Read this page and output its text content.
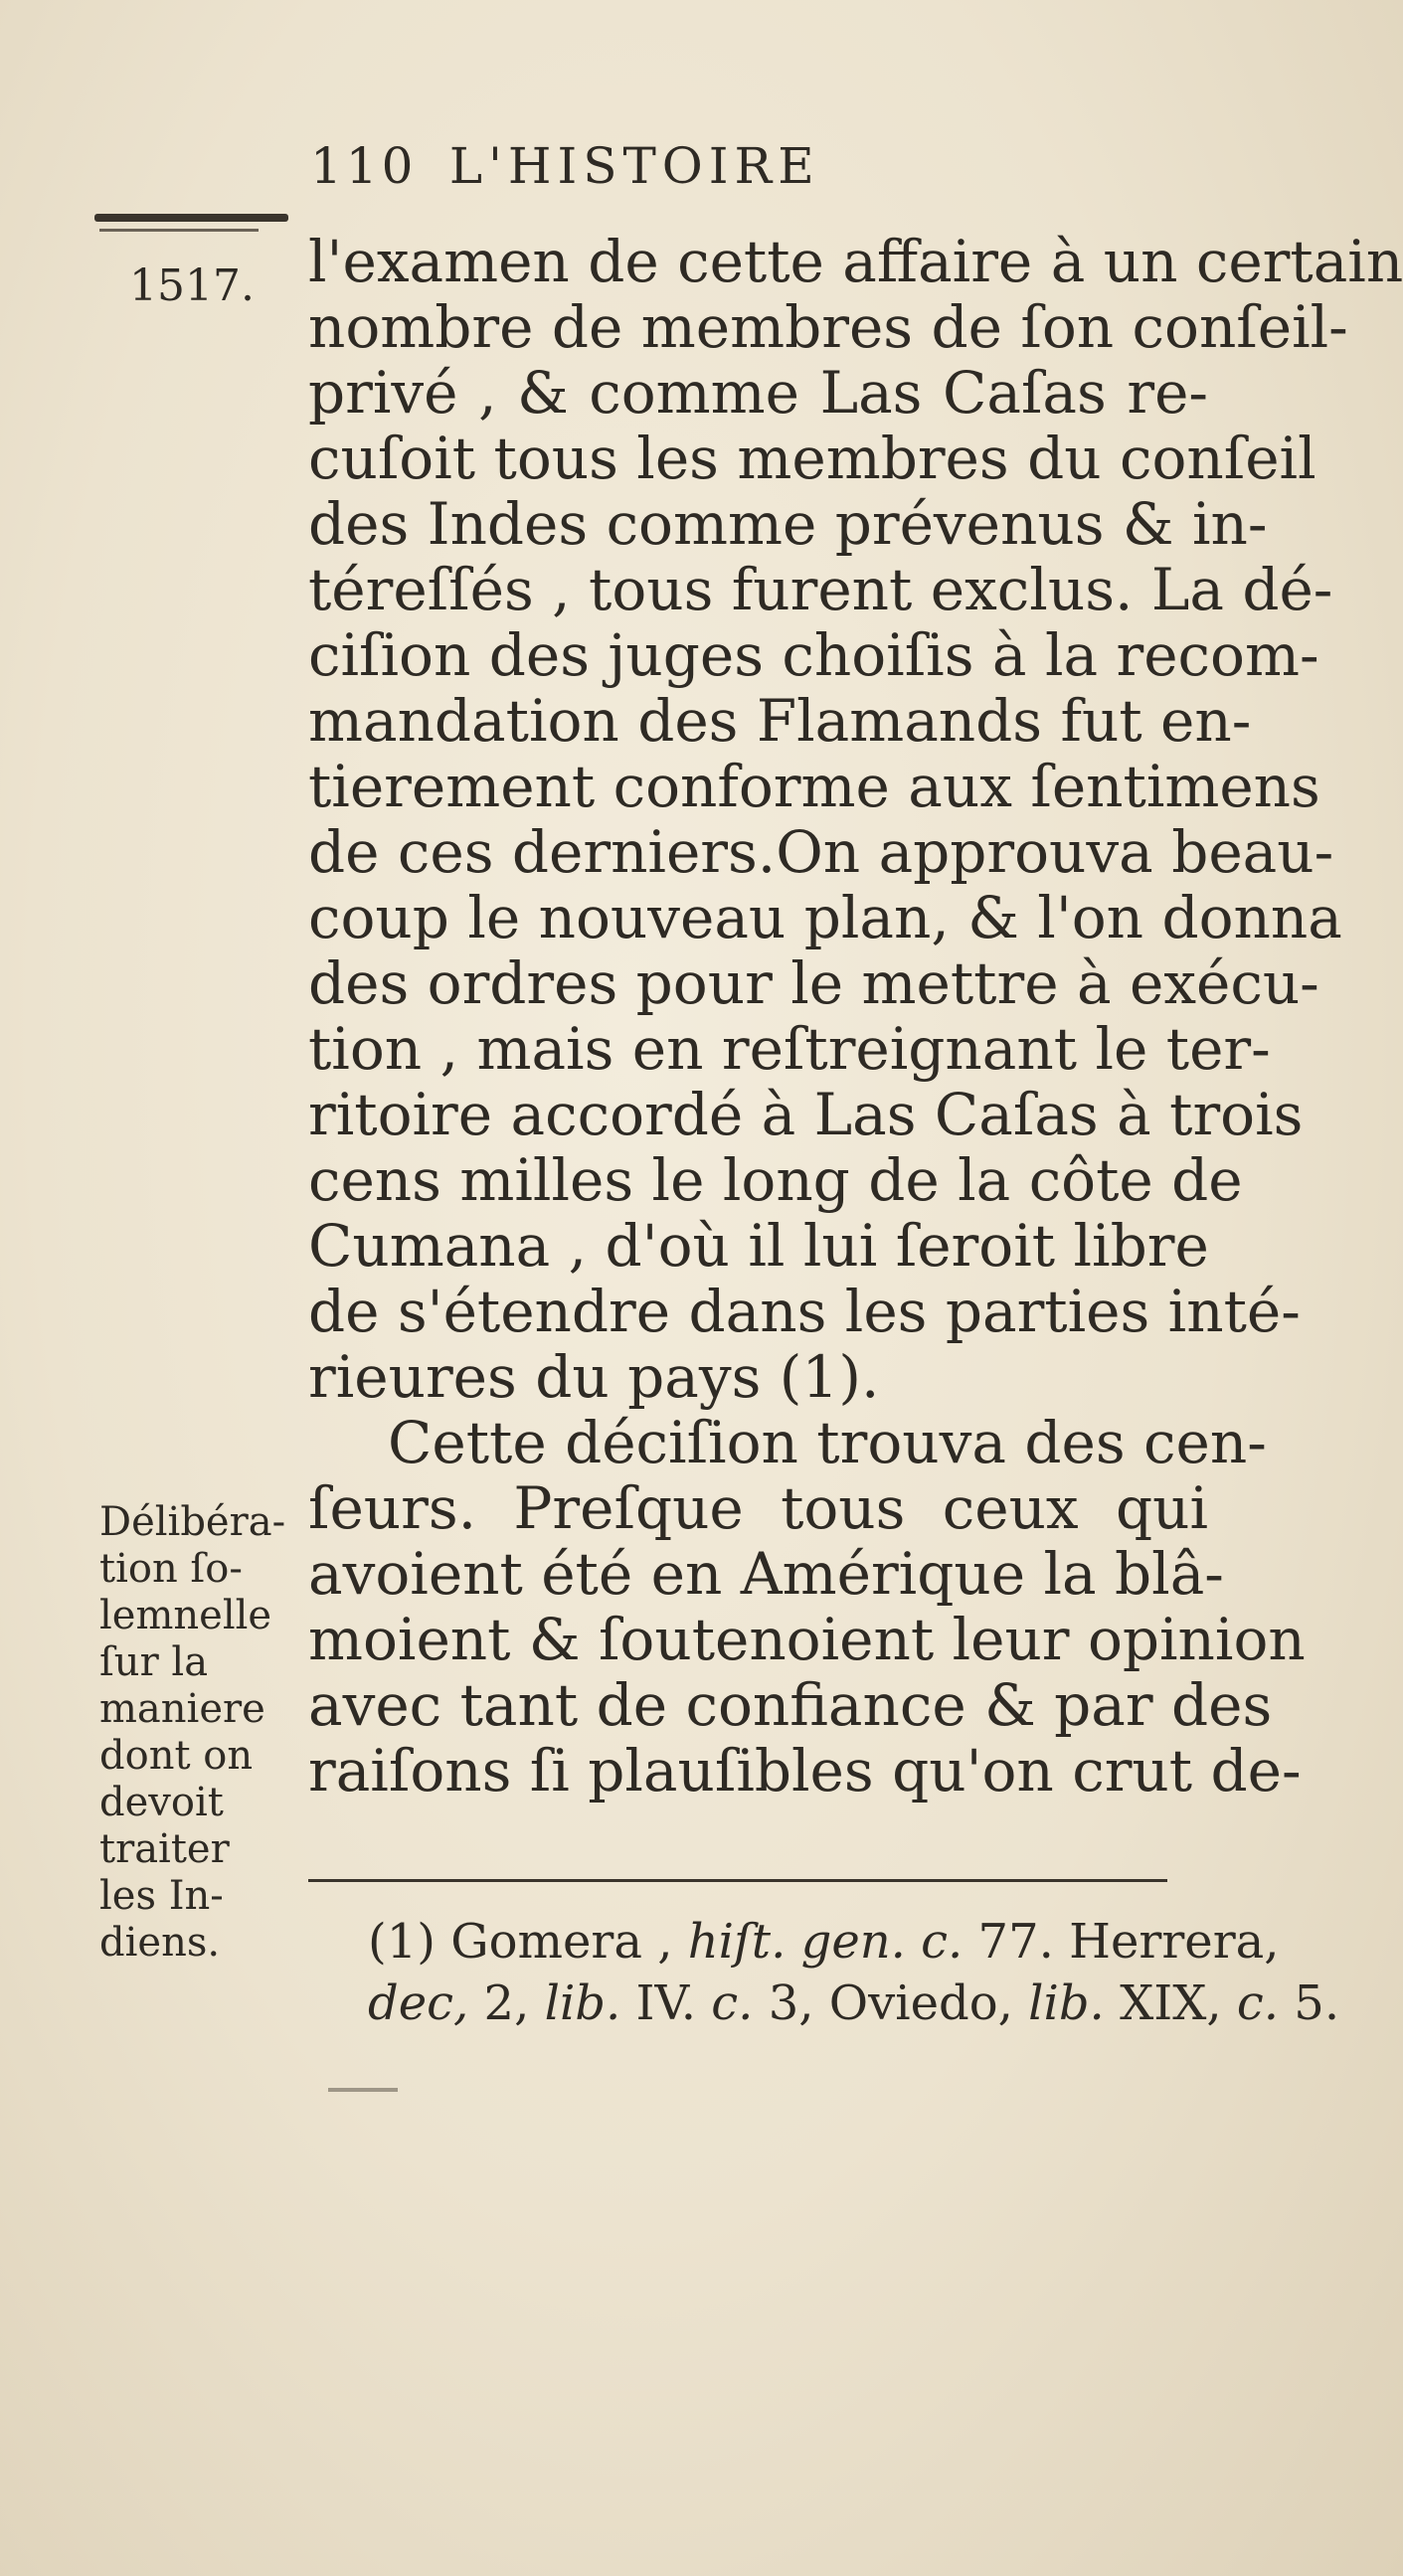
110 L'HISTOIRE
1517. l'examen de cette affaire à un certain
nombre de membres de ſon conſeil-
privé , & comme Las Caſas re-
cuſoit tous les membres du conſeil
des Indes comme prévenus & in-
téreſſés , tous furent exclus. La dé-
ciſion des juges choiſis à la recom-
mandation des Flamands fut en-
tierement conforme aux ſentimens
de ces derniers.On approuva beau-
coup le nouveau plan, & l'on donna
des ordres pour le mettre à exécu-
tion , mais en reſtreignant le ter-
ritoire accordé à Las Caſas à trois
cens milles le long de la côte de
Cumana , d'où il lui ſeroit libre
de s'étendre dans les parties inté-
rieures du pays (1).
Cette déciſion trouva des cen-
ſeurs. Preſque tous ceux qui
avoient été en Amérique la blâ-
moient & ſoutenoient leur opinion
avec tant de confiance & par des
raiſons ſi plauſibles qu'on crut de-
Délibéra-
tion ſo-
lemnelle
ſur la
maniere
dont on
devoit
traiter
les In-
diens.	(1) Gomera , hiſt. gen. c. 77. Herrera,
dec, 2, lib. IV. c. 3, Oviedo, lib. XIX, c. 5.
